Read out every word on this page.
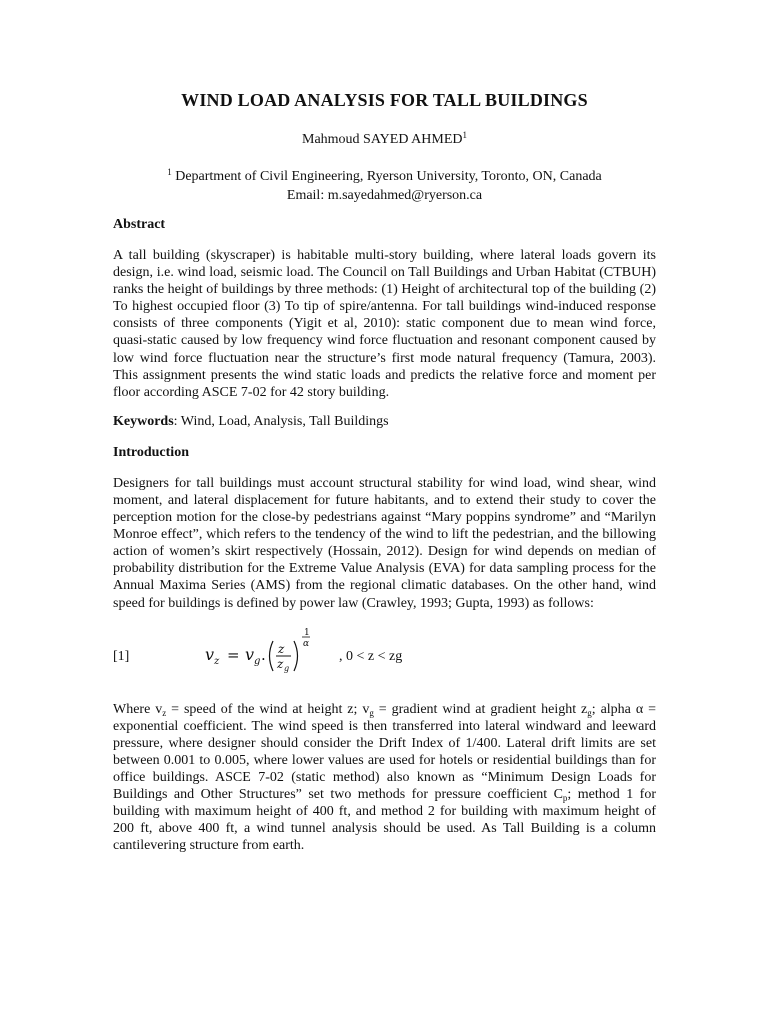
WIND LOAD ANALYSIS FOR TALL BUILDINGS
Mahmoud SAYED AHMED$^1$
$^1$ Department of Civil Engineering, Ryerson University, Toronto, ON, Canada
Email: m.sayedahmed@ryerson.ca
Abstract
A tall building (skyscraper) is habitable multi-story building, where lateral loads govern its design, i.e. wind load, seismic load. The Council on Tall Buildings and Urban Habitat (CTBUH) ranks the height of buildings by three methods: (1) Height of architectural top of the building (2) To highest occupied floor (3) To tip of spire/antenna. For tall buildings wind-induced response consists of three components (Yigit et al, 2010): static component due to mean wind force, quasi-static caused by low frequency wind force fluctuation and resonant component caused by low wind force fluctuation near the structure’s first mode natural frequency (Tamura, 2003). This assignment presents the wind static loads and predicts the relative force and moment per floor according ASCE 7-02 for 42 story building.
Keywords: Wind, Load, Analysis, Tall Buildings
Introduction
Designers for tall buildings must account structural stability for wind load, wind shear, wind moment, and lateral displacement for future habitants, and to extend their study to cover the perception motion for the close-by pedestrians against “Mary poppins syndrome” and “Marilyn Monroe effect”, which refers to the tendency of the wind to lift the pedestrian, and the billowing action of women’s skirt respectively (Hossain, 2012). Design for wind depends on median of probability distribution for the Extreme Value Analysis (EVA) for data sampling process for the Annual Maxima Series (AMS) from the regional climatic databases. On the other hand, wind speed for buildings is defined by power law (Crawley, 1993; Gupta, 1993) as follows:
[1]	v z = v g . z
z g
1
α
, 0 < z < zg
Where $v_z$ = speed of the wind at height z; $v_g$ = gradient wind at gradient height $z_g$; alpha α = exponential coefficient. The wind speed is then transferred into lateral windward and leeward pressure, where designer should consider the Drift Index of 1/400. Lateral drift limits are set between 0.001 to 0.005, where lower values are used for hotels or residential buildings than for office buildings. ASCE 7-02 (static method) also known as “Minimum Design Loads for Buildings and Other Structures” set two methods for pressure coefficient $C_p$; method 1 for building with maximum height of 400 ft, and method 2 for building with maximum height of 200 ft, above 400 ft, a wind tunnel analysis should be used. As Tall Building is a column cantilevering structure from earth.
